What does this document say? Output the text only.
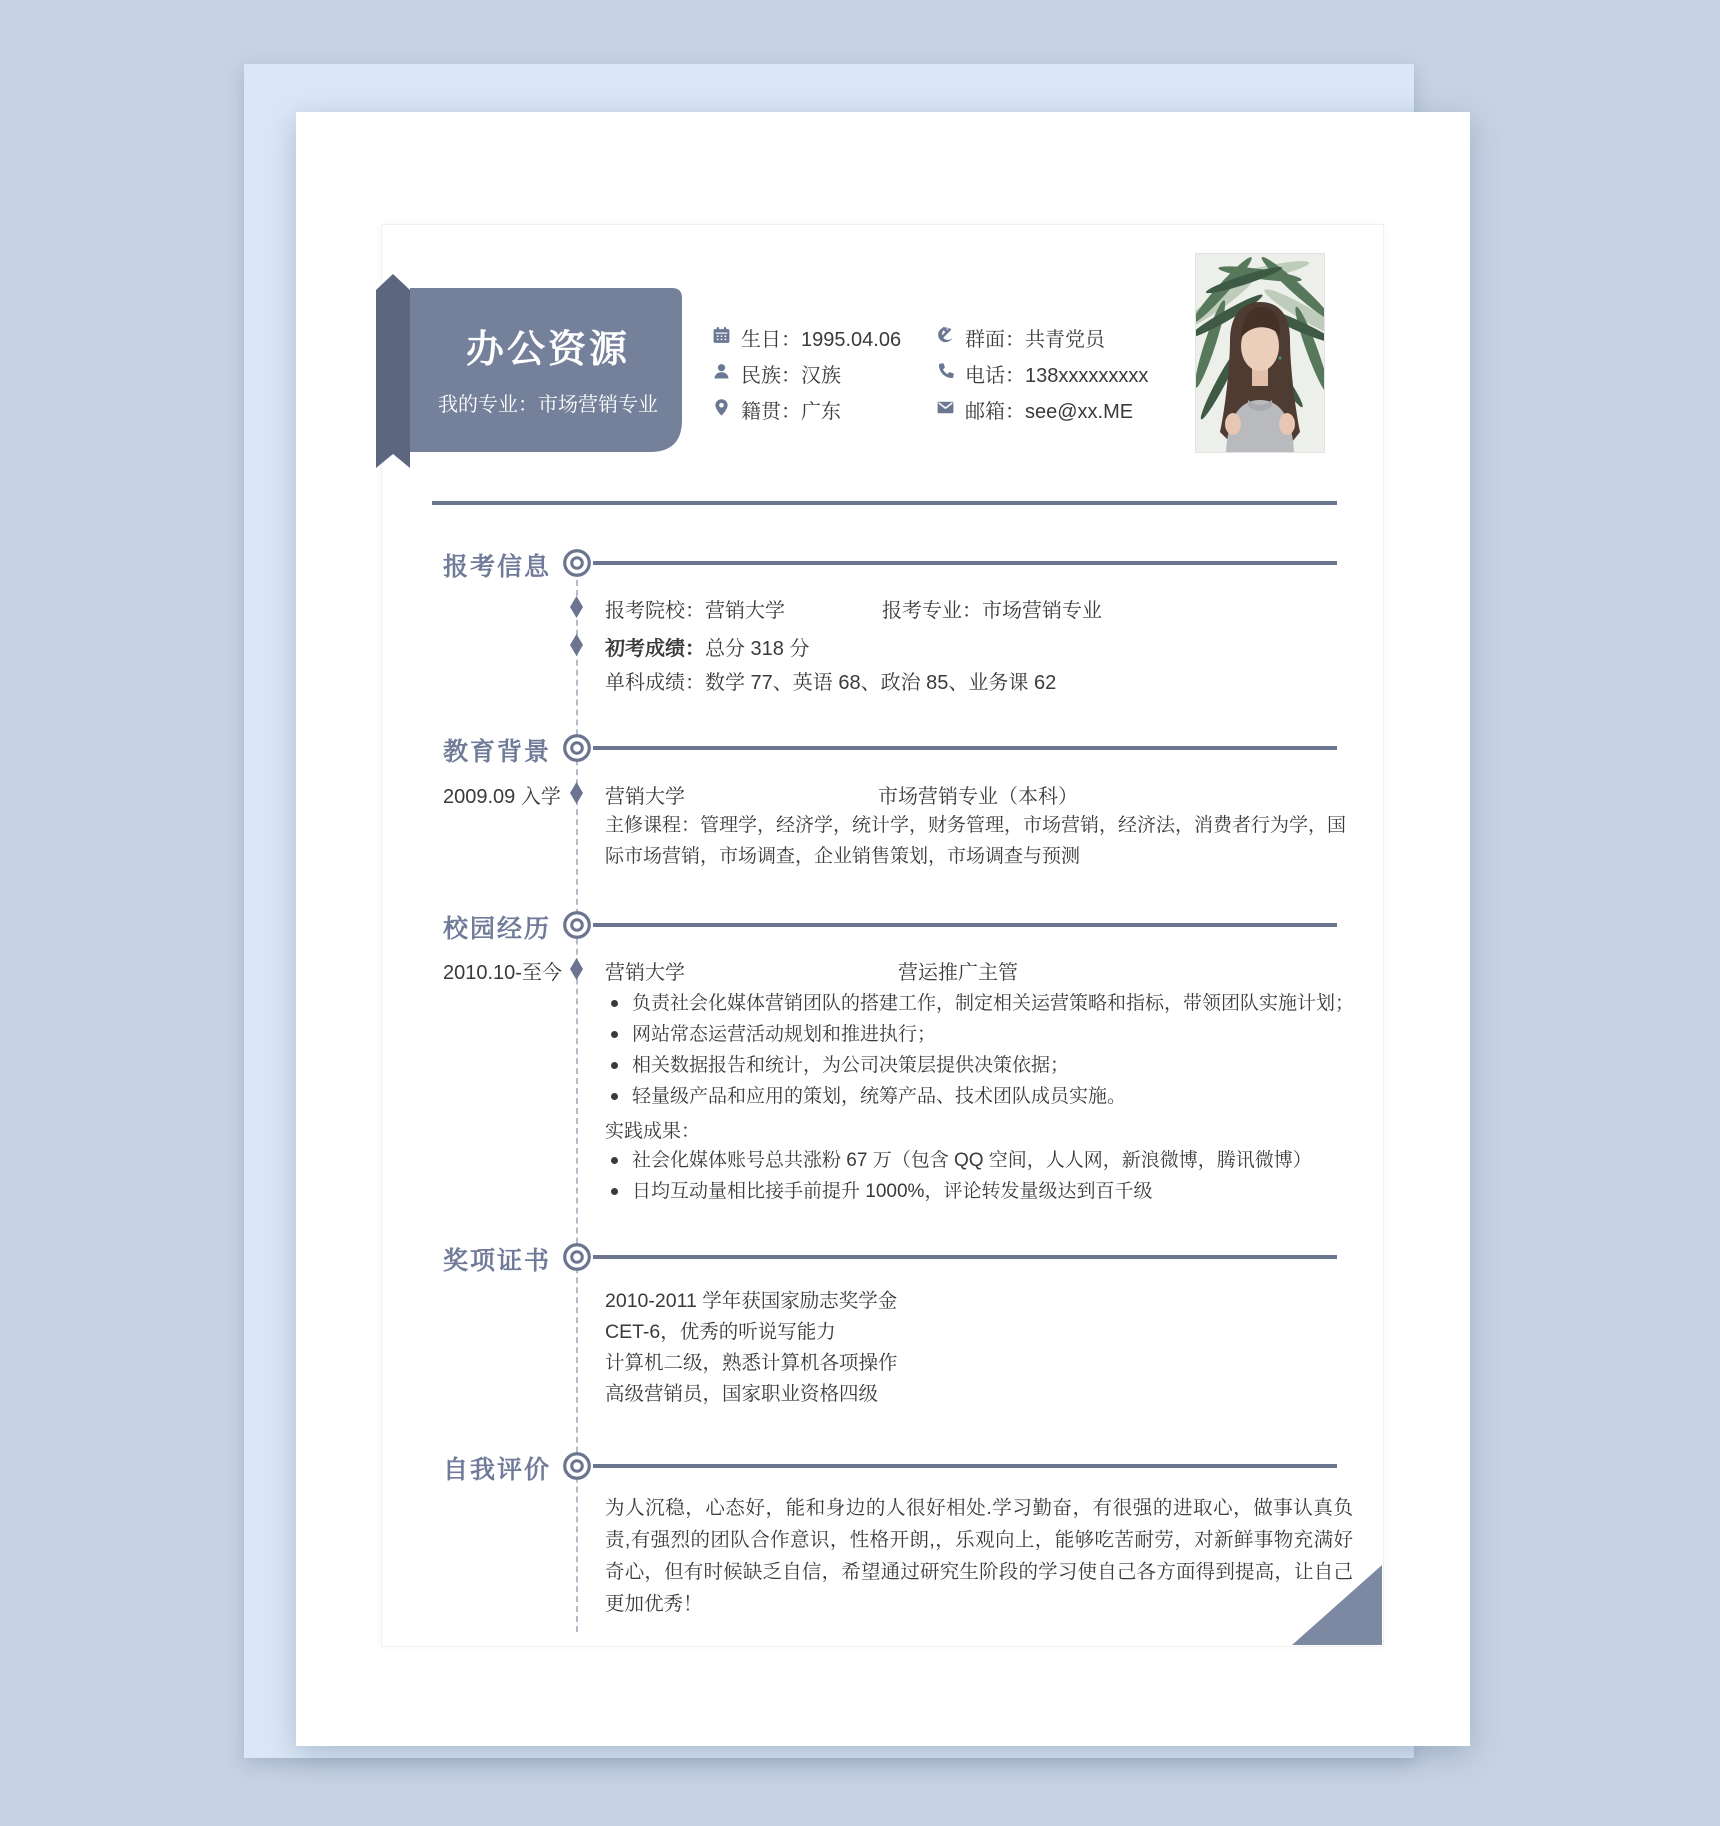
办公资源
我的专业：市场营销专业
生日：1995.04.06
民族：汉族
籍贯：广东
群面：共青党员
电话：138xxxxxxxxx
邮箱：see@xx.ME
报考信息
报考院校：营销大学	报考专业：市场营销专业
初考成绩：总分 318 分
单科成绩：数学 77、英语 68、政治 85、业务课 62
教育背景
2009.09 入学 营销大学	市场营销专业（本科）
主修课程：管理学，经济学，统计学，财务管理，市场营销，经济法，消费者行为学，国际市场营销，市场调查，企业销售策划，市场调查与预测
校园经历
2010.10-至今 营销大学	营运推广主管
负责社会化媒体营销团队的搭建工作，制定相关运营策略和指标，带领团队实施计划；
网站常态运营活动规划和推进执行；
相关数据报告和统计，为公司决策层提供决策依据；
轻量级产品和应用的策划，统筹产品、技术团队成员实施。
实践成果：
社会化媒体账号总共涨粉 67 万（包含 QQ 空间，人人网，新浪微博，腾讯微博）
日均互动量相比接手前提升 1000%，评论转发量级达到百千级
奖项证书
2010-2011 学年获国家励志奖学金
CET-6，优秀的听说写能力
计算机二级，熟悉计算机各项操作
高级营销员，国家职业资格四级
自我评价
为人沉稳，心态好，能和身边的人很好相处.学习勤奋，有很强的进取心，做事认真负责,有强烈的团队合作意识，性格开朗,，乐观向上，能够吃苦耐劳，对新鲜事物充满好奇心，但有时候缺乏自信，希望通过研究生阶段的学习使自己各方面得到提高，让自己更加优秀！
